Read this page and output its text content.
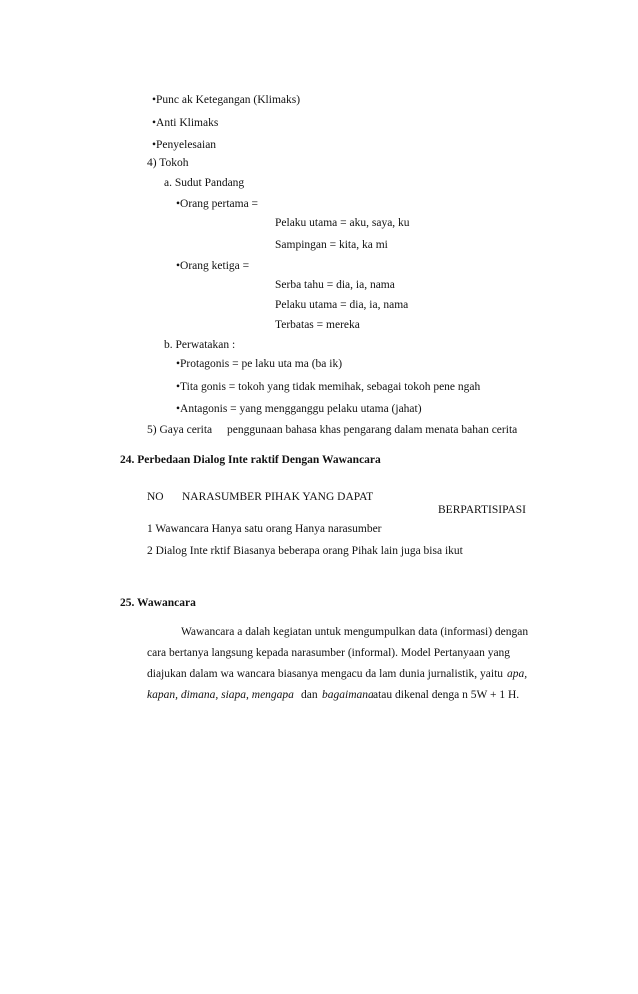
•Punc ak Ketegangan (Klimaks)
•Anti Klimaks
•Penyelesaian
4) Tokoh
a. Sudut Pandang
•Orang pertama =
Pelaku utama = aku, saya, ku
Sampingan = kita, ka mi
•Orang ketiga =
Serba tahu = dia, ia, nama
Pelaku utama = dia, ia, nama
Terbatas = mereka
b. Perwatakan :
•Protagonis = pe laku uta ma (ba ik)
•Tita gonis = tokoh yang tidak memihak, sebagai tokoh pene ngah
•Antagonis = yang mengganggu pelaku utama (jahat)
5) Gaya cerita penggunaan bahasa khas pengarang dalam menata bahan cerita
24. Perbedaan Dialog Inte raktif Dengan Wawancara
NO NARASUMBER PIHAK YANG DAPAT
BERPARTISIPASI
1 Wawancara Hanya satu orang Hanya narasumber
2 Dialog Inte rktif Biasanya beberapa orang Pihak lain juga bisa ikut
25. Wawancara
Wawancara a dalah kegiatan untuk mengumpulkan data (informasi) dengan
cara bertanya langsung kepada narasumber (informal). Model Pertanyaan yang
diajukan dalam wa wancara biasanya mengacu da lam dunia jurnalistik, yaitu apa,
kapan, dimana, siapa, mengapa dan bagaimana atau dikenal denga n 5W + 1 H.
